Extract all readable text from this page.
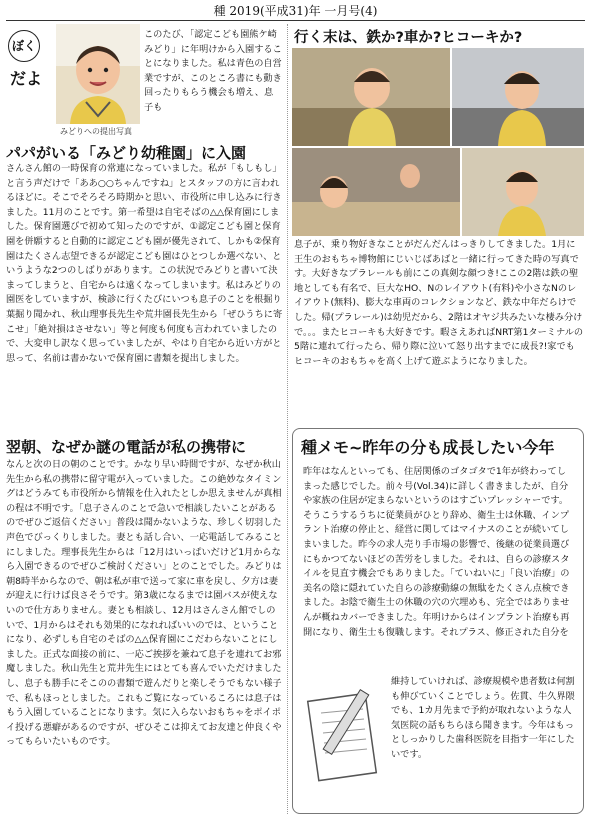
種 2019(平成31)年 一月号(4)
ぼく
だよ
みどりへの提出写真
このたび、「認定こども園熊ケ崎みどり」に年明けから入園することになりました。私は青色の自営業ですが、このところ書にも動き回ったりもらう機会も増え、息子も
パパがいる「みどり幼稚園」に入園
さんさん館の一時保育の常連になっていました。私が「もしもし」と言う声だけで「ああ○○ちゃんですね」とスタッフの方に言われるほどに。そこでそろそろ時期かと思い、市役所に申し込みに行きました。11月のことです。第一希望は自宅そばの△△保育園にしました。保育園選びで初めて知ったのですが、①認定こども園と保育園を併願すると自動的に認定こども園が優先されて、しかも②保育園はたくさん志望できるが認定こども園はひとつしか選べない、というような2つのしばりがあります。この状況でみどりと書いて決まってしまうと、自宅からは遠くなってしまいます。私はみどりの園医をしていますが、検診に行くたびにいつも息子のことを根掘り葉掘り聞かれ、秋山理事長先生や荒井園長先生から「ぜひうちに寄こせ」「絶対損はさせない」等と何度も何度も言われていましたので、大変申し訳なく思っていましたが、やはり自宅から近い方がと思って、名前は書かないで保育園に書類を提出しました。
翌朝、なぜか謎の電話が私の携帯に
なんと次の日の朝のことです。かなり早い時間ですが、なぜか秋山先生から私の携帯に留守電が入っていました。この絶妙なタイミングはどうみても市役所から情報を仕入れたとしか思えませんが真相の程は不明です。「息子さんのことで急いで相談したいことがあるのでぜひご返信ください」普段は聞かないような、珍しく切羽した声色でびっくりしました。妻とも話し合い、一応電話してみることにしました。理事長先生からは「12月はいっぱいだけど1月からなら入園できるのでぜひご検討ください」とのことでした。みどりは朝8時半からなので、朝は私が車で送って家に車を戻し、夕方は妻が迎えに行けば良さそうです。第3歳になるまでは園バスが使えないので仕方ありません。妻とも相談し、12月はさんさん館でしのいで、1月からはそれも効果的になれればいいのでは、ということになり、必ずしも自宅のそばの△△保育園にこだわらないことにしました。正式な面接の前に、一応ご挨拶を兼ねて息子を連れてお邪魔しました。秋山先生と荒井先生にはとても喜んでいただけましたし、息子も勝手にそこのの書類で遊んだりと楽しそうでもない様子で、私もほっとしました。これもご覧になっているころには息子はもう入園していることになります。気に入らないおもちゃをポイポイ投げる悪癖があるのですが、ぜひそこは抑えてお友達と仲良くやってもらいたいものです。
行く末は、鉄か?車か?ヒコーキか?
息子が、乗り物好きなことがだんだんはっきりしてきました。1月に王生のおもちゃ博物館にじいじばあばと一緒に行ってきた時の写真です。大好きなプラレールも前にこの真剣な顔つき!ここの2階は鉄の聖地としても有名で、巨大なHO、Nのレイアウト(有料)や小さなNのレイアウト(無料)、膨大な車両のコレクションなど、鉄な中年だらけでした。帰(プラレール)は幼児だから、2階はオヤジ共みたいな棲み分けで。。。またヒコーキも大好きです。暇さえあればNRT第1ターミナルの5階に連れて行ったら、帰り際に泣いて怒り出すまでに成長?!家でもヒコーキのおもちゃを高く上げて遊ぶようになりました。
種メモ~昨年の分も成長したい今年
昨年はなんといっても、住居関係のゴタゴタで1年が終わってしまった感じでした。前々号(Vol.34)に詳しく書きましたが、自分や家族の住居が定まらないというのはすごいプレッシャーです。そうこうするうちに従業員がひとり辞め、衛生士は休職、インプラント治療の停止と、経営に関してはマイナスのことが続いてしまいました。昨今の求人売り手市場の影響で、後継の従業員選びにもかつてないほどの苦労をしました。それは、自らの診療スタイルを見直す機会でもありました。「ていねいに」「良い治療」の美名の陰に隠れていた自らの診療動線の無駄をたくさん点検できました。お陰で衛生士の休職の穴の穴埋めも、完全ではありませんが概ねカバーできました。年明けからはインプラント治療も再開になり、衛生士も復職します。それプラス、修正された自分を
維持していければ、診療規模や患者数は何割も伸びていくことでしょう。佐貫、牛久界隈でも、1カ月先まで予約が取れないような人気医院の話もちらほら聞きます。今年はもっとしっかりした歯科医院を目指す一年にしたいです。
